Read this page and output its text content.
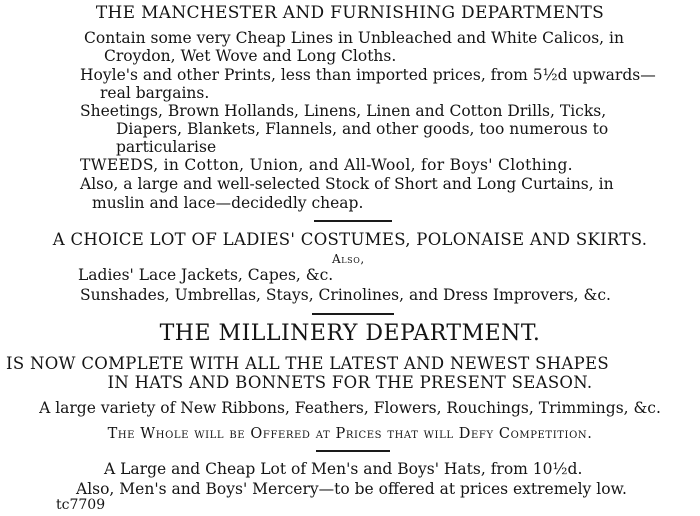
THE MANCHESTER AND FURNISHING DEPARTMENTS
Contain some very Cheap Lines in Unbleached and White Calicos, in
Croydon, Wet Wove and Long Cloths.
Hoyle's and other Prints, less than imported prices, from 5½d upwards—
real bargains.
Sheetings, Brown Hollands, Linens, Linen and Cotton Drills, Ticks,
Diapers, Blankets, Flannels, and other goods, too numerous to
particularise
TWEEDS, in Cotton, Union, and All-Wool, for Boys' Clothing.
Also, a large and well-selected Stock of Short and Long Curtains, in
muslin and lace—decidedly cheap.
A CHOICE LOT OF LADIES' COSTUMES, POLONAISE AND SKIRTS.
Also,
Ladies' Lace Jackets, Capes, &c.
Sunshades, Umbrellas, Stays, Crinolines, and Dress Improvers, &c.
THE MILLINERY DEPARTMENT.
IS NOW COMPLETE WITH ALL THE LATEST AND NEWEST SHAPES
IN HATS AND BONNETS FOR THE PRESENT SEASON.
A large variety of New Ribbons, Feathers, Flowers, Rouchings, Trimmings, &c.
The Whole will be Offered at Prices that will Defy Competition.
A Large and Cheap Lot of Men's and Boys' Hats, from 10½d.
Also, Men's and Boys' Mercery—to be offered at prices extremely low.
tc7709
